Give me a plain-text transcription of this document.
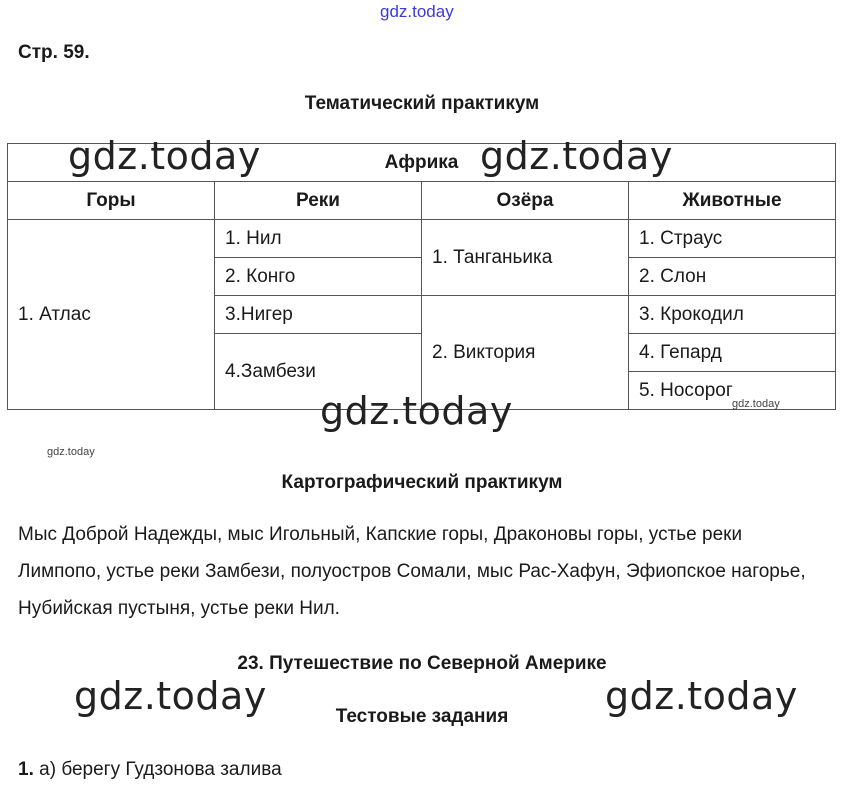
gdz.today
Стр. 59.
Тематический практикум
Африка			
Горы	Реки	Озёра	Животные
1. Атлас	1. Нил	1. Танганьика	1. Страус
	2. Конго		2. Слон
	3.Нигер	2. Виктория	3. Крокодил
	4.Замбези		4. Гепард
			5. Носорог
gdz.today	gdz.today
gdz.today	gdz.today
gdz.today
Картографический практикум
Мыс Доброй Надежды, мыс Игольный, Капские горы, Драконовы горы, устье реки Лимпопо, устье реки Замбези, полуостров Сомали, мыс Рас-Хафун, Эфиопское нагорье, Нубийская пустыня, устье реки Нил.
23. Путешествие по Северной Америке
gdz.today	gdz.today
Тестовые задания
1. а) берегу Гудзонова залива
